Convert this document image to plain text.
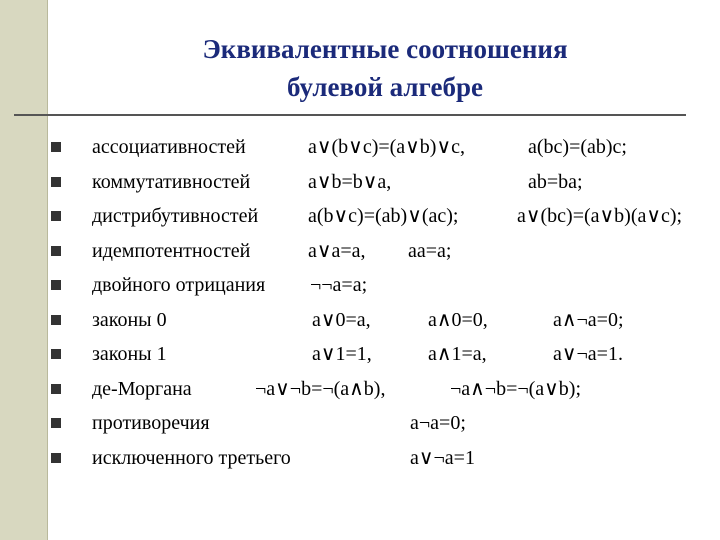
Эквивалентные соотношения
булевой алгебре
ассоциативностей	a∨(b∨c)=(a∨b)∨c,	a(bc)=(ab)c;
коммутативностей	a∨b=b∨a,	ab=ba;
дистрибутивностей a(b∨c)=(ab)∨(ac);	a∨(bc)=(a∨b)(a∨c);
идемпотентностей	a∨a=a, aa=a;
двойного отрицания ¬¬a=a;
законы 0	a∨0=a,	a∧0=0,	a∧¬a=0;
законы 1	a∨1=1,	a∧1=a,	a∨¬a=1.
де-Моргана	¬a∨¬b=¬(a∧b),	¬a∧¬b=¬(a∨b);
противоречия	a¬a=0;
исключенного третьего	a∨¬a=1
